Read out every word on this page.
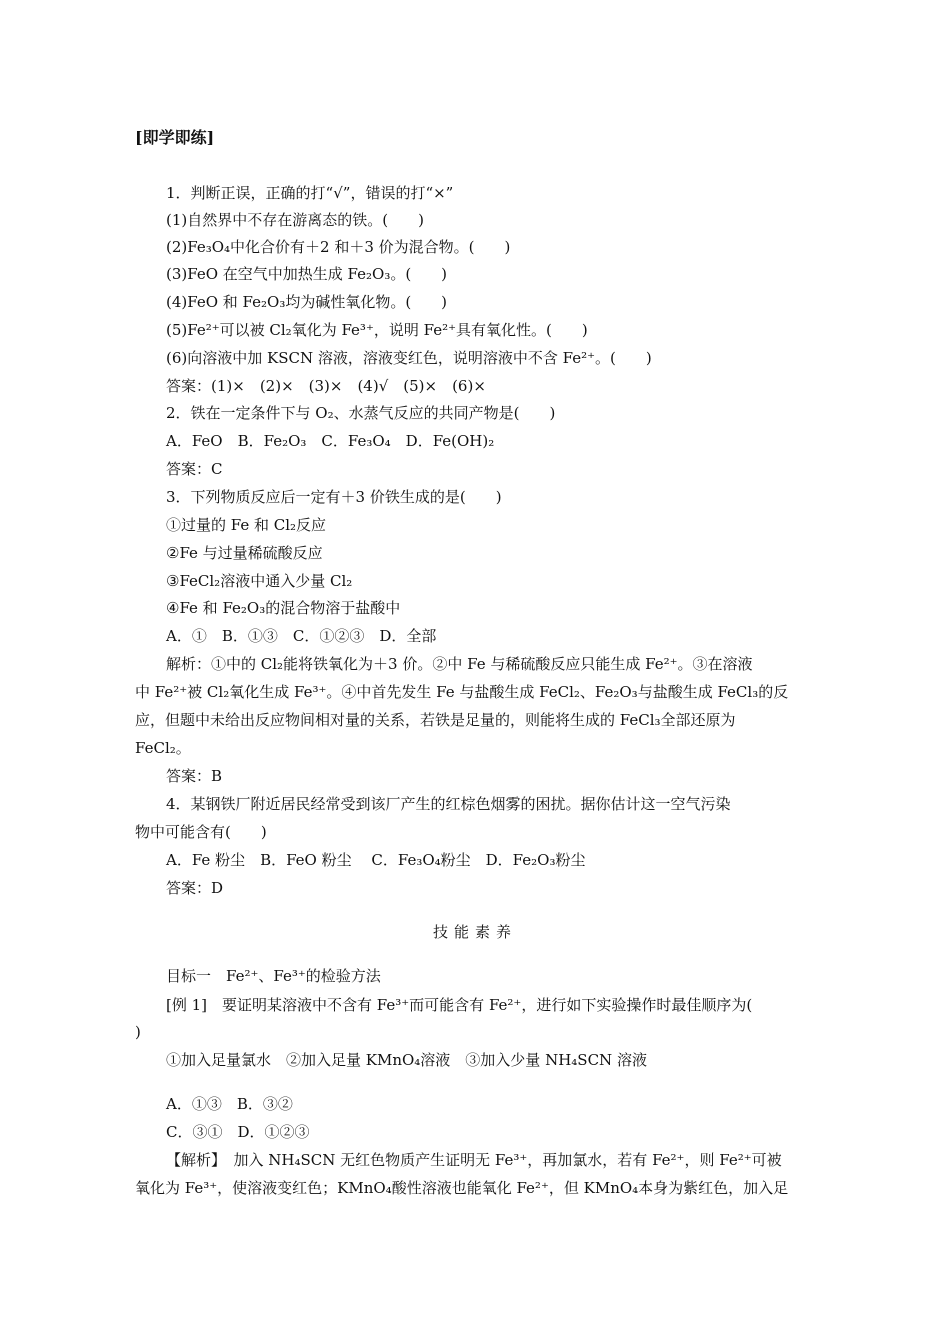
[即学即练]
1．判断正误，正确的打“√”，错误的打“×”
(1)自然界中不存在游离态的铁。(　　)
(2)Fe₃O₄中化合价有＋2 和＋3 价为混合物。(　　)
(3)FeO 在空气中加热生成 Fe₂O₃。(　　)
(4)FeO 和 Fe₂O₃均为碱性氧化物。(　　)
(5)Fe²⁺可以被 Cl₂氧化为 Fe³⁺，说明 Fe²⁺具有氧化性。(　　)
(6)向溶液中加 KSCN 溶液，溶液变红色，说明溶液中不含 Fe²⁺。(　　)
答案：(1)×　(2)×　(3)×　(4)√　(5)×　(6)×
2．铁在一定条件下与 O₂、水蒸气反应的共同产物是(　　)
A．FeO　B．Fe₂O₃　C．Fe₃O₄　D．Fe(OH)₂
答案：C
3．下列物质反应后一定有＋3 价铁生成的是(　　)
①过量的 Fe 和 Cl₂反应
②Fe 与过量稀硫酸反应
③FeCl₂溶液中通入少量 Cl₂
④Fe 和 Fe₂O₃的混合物溶于盐酸中
A．①　B．①③　C．①②③　D．全部
解析：①中的 Cl₂能将铁氧化为＋3 价。②中 Fe 与稀硫酸反应只能生成 Fe²⁺。③在溶液
中 Fe²⁺被 Cl₂氧化生成 Fe³⁺。④中首先发生 Fe 与盐酸生成 FeCl₂、Fe₂O₃与盐酸生成 FeCl₃的反
应，但题中未给出反应物间相对量的关系，若铁是足量的，则能将生成的 FeCl₃全部还原为
FeCl₂。
答案：B
4．某钢铁厂附近居民经常受到该厂产生的红棕色烟雾的困扰。据你估计这一空气污染
物中可能含有(　　)
A．Fe 粉尘　B．FeO 粉尘　 C．Fe₃O₄粉尘　D．Fe₂O₃粉尘
答案：D
技能素养
目标一　Fe²⁺、Fe³⁺的检验方法
[例 1]　要证明某溶液中不含有 Fe³⁺而可能含有 Fe²⁺，进行如下实验操作时最佳顺序为(
)
①加入足量氯水　②加入足量 KMnO₄溶液　③加入少量 NH₄SCN 溶液
A．①③　B．③②
C．③①　D．①②③
【解析】　加入 NH₄SCN 无红色物质产生证明无 Fe³⁺，再加氯水，若有 Fe²⁺，则 Fe²⁺可被
氧化为 Fe³⁺，使溶液变红色；KMnO₄酸性溶液也能氧化 Fe²⁺，但 KMnO₄本身为紫红色，加入足
